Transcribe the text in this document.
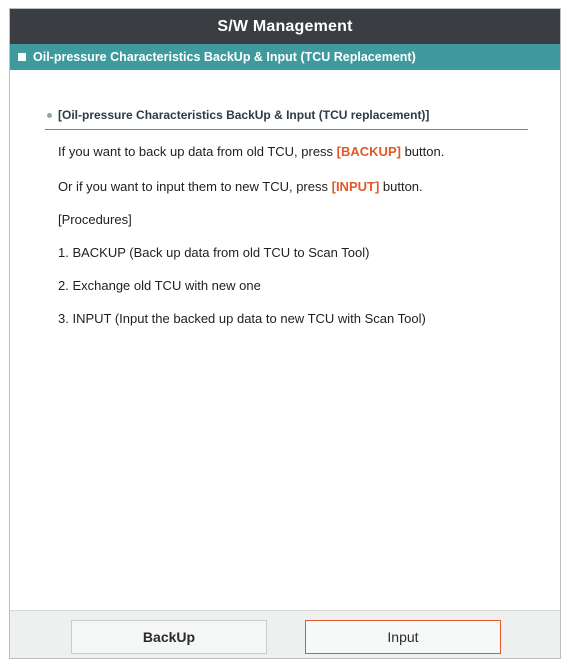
S/W Management
Oil-pressure Characteristics BackUp & Input (TCU Replacement)
[Oil-pressure Characteristics BackUp & Input (TCU replacement)]
If you want to back up data from old TCU, press [BACKUP] button.
Or if you want to input them to new TCU, press [INPUT] button.
[Procedures]
1. BACKUP (Back up data from old TCU to Scan Tool)
2. Exchange old TCU with new one
3. INPUT (Input the backed up data to new TCU with Scan Tool)
BackUp	Input
